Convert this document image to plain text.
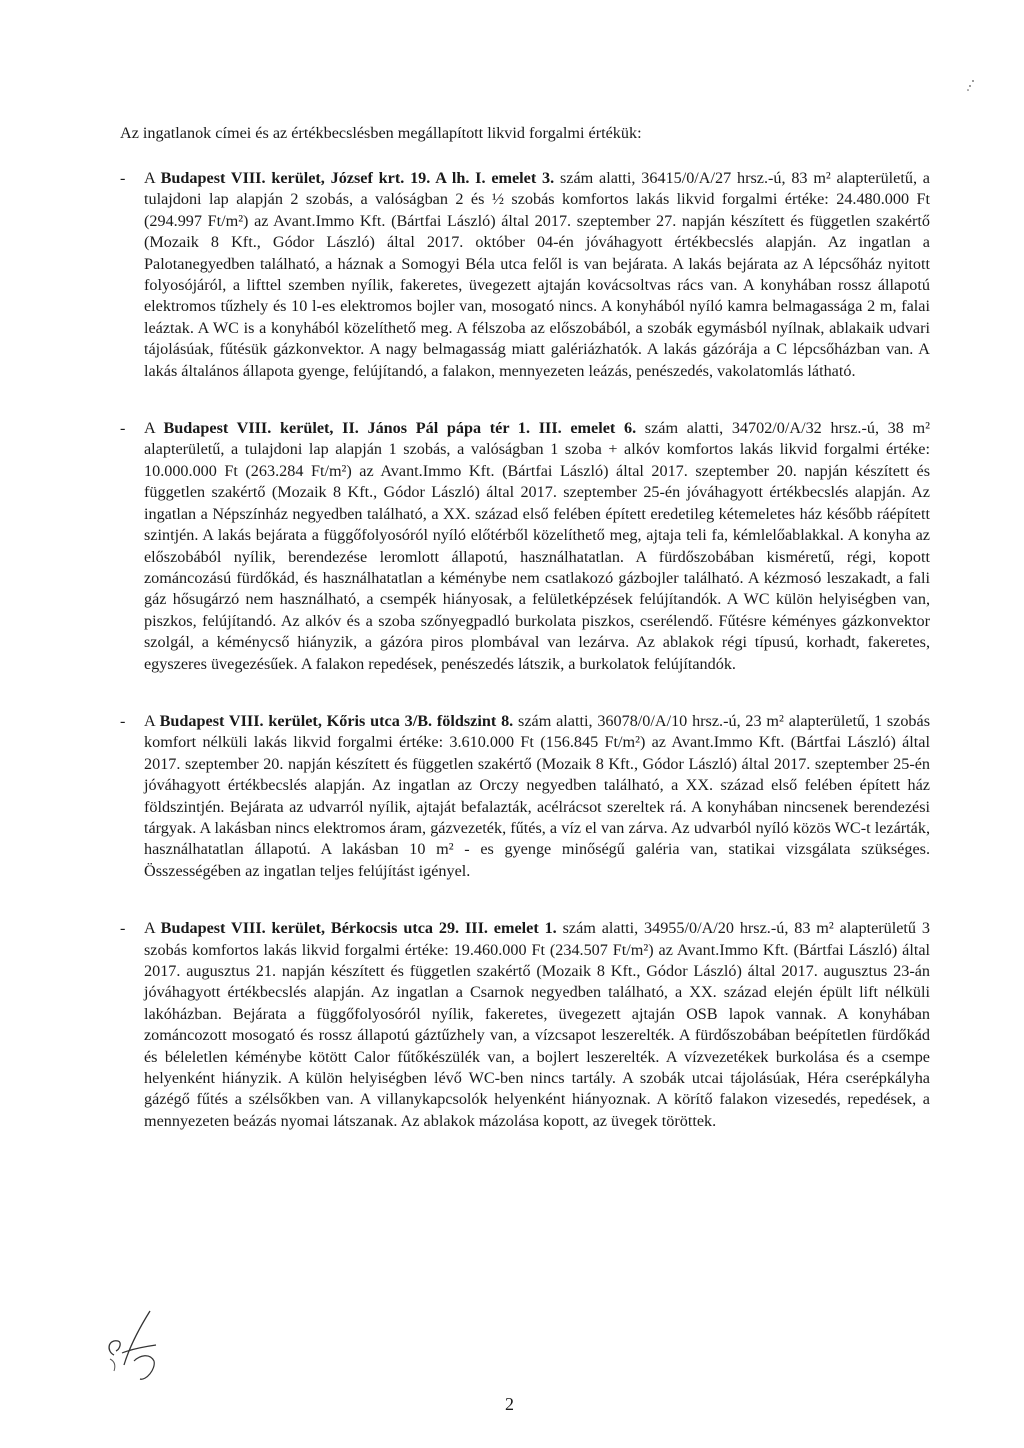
Az ingatlanok címei és az értékbecslésben megállapított likvid forgalmi értékük:

- A Budapest VIII. kerület, József krt. 19. A lh. I. emelet 3. szám alatti, 36415/0/A/27 hrsz.-ú, 83 m² alapterületű, a tulajdoni lap alapján 2 szobás, a valóságban 2 és ½ szobás komfortos lakás likvid forgalmi értéke: 24.480.000 Ft (294.997 Ft/m²) az Avant.Immo Kft. (Bártfai László) által 2017. szeptember 27. napján készített és független szakértő (Mozaik 8 Kft., Gódor László) által 2017. október 04-én jóváhagyott értékbecslés alapján. Az ingatlan a Palotanegyedben található, a háznak a Somogyi Béla utca felől is van bejárata. A lakás bejárata az A lépcsőház nyitott folyosójáról, a lifttel szemben nyílik, fakeretes, üvegezett ajtaján kovácsoltvas rács van. A konyhában rossz állapotú elektromos tűzhely és 10 l-es elektromos bojler van, mosogató nincs. A konyhából nyíló kamra belmagassága 2 m, falai leáztak. A WC is a konyhából közelíthető meg. A félszoba az előszobából, a szobák egymásból nyílnak, ablakaik udvari tájolásúak, fűtésük gázkonvektor. A nagy belmagasság miatt galériázhatók. A lakás gázórája a C lépcsőházban van. A lakás általános állapota gyenge, felújítandó, a falakon, mennyezeten leázás, penészedés, vakolatomlás látható.

- A Budapest VIII. kerület, II. János Pál pápa tér 1. III. emelet 6. szám alatti, 34702/0/A/32 hrsz.-ú, 38 m² alapterületű, a tulajdoni lap alapján 1 szobás, a valóságban 1 szoba + alkóv komfortos lakás likvid forgalmi értéke: 10.000.000 Ft (263.284 Ft/m²) az Avant.Immo Kft. (Bártfai László) által 2017. szeptember 20. napján készített és független szakértő (Mozaik 8 Kft., Gódor László) által 2017. szeptember 25-én jóváhagyott értékbecslés alapján. Az ingatlan a Népszínház negyedben található, a XX. század első felében épített eredetileg kétemeletes ház később ráépített szintjén. A lakás bejárata a függőfolyosóról nyíló előtérből közelíthető meg, ajtaja teli fa, kémlelőablakkal. A konyha az előszobából nyílik, berendezése leromlott állapotú, használhatatlan. A fürdőszobában kisméretű, régi, kopott zománcozású fürdőkád, és használhatatlan a kéménybe nem csatlakozó gázbojler található. A kézmosó leszakadt, a fali gáz hősugárzó nem használható, a csempék hiányosak, a felületképzések felújítandók. A WC külön helyiségben van, piszkos, felújítandó. Az alkóv és a szoba szőnyegpadló burkolata piszkos, cserélendő. Fűtésre kéményes gázkonvektor szolgál, a kéménycső hiányzik, a gázóra piros plombával van lezárva. Az ablakok régi típusú, korhadt, fakeretes, egyszeres üvegezésűek. A falakon repedések, penészedés látszik, a burkolatok felújítandók.

- A Budapest VIII. kerület, Kőris utca 3/B. földszint 8. szám alatti, 36078/0/A/10 hrsz.-ú, 23 m² alapterületű, 1 szobás komfort nélküli lakás likvid forgalmi értéke: 3.610.000 Ft (156.845 Ft/m²) az Avant.Immo Kft. (Bártfai László) által 2017. szeptember 20. napján készített és független szakértő (Mozaik 8 Kft., Gódor László) által 2017. szeptember 25-én jóváhagyott értékbecslés alapján. Az ingatlan az Orczy negyedben található, a XX. század első felében épített ház földszintjén. Bejárata az udvarról nyílik, ajtaját befalazták, acélrácsot szereltek rá. A konyhában nincsenek berendezési tárgyak. A lakásban nincs elektromos áram, gázvezeték, fűtés, a víz el van zárva. Az udvarból nyíló közös WC-t lezárták, használhatatlan állapotú. A lakásban 10 m² - es gyenge minőségű galéria van, statikai vizsgálata szükséges. Összességében az ingatlan teljes felújítást igényel.

- A Budapest VIII. kerület, Bérkocsis utca 29. III. emelet 1. szám alatti, 34955/0/A/20 hrsz.-ú, 83 m² alapterületű 3 szobás komfortos lakás likvid forgalmi értéke: 19.460.000 Ft (234.507 Ft/m²) az Avant.Immo Kft. (Bártfai László) által 2017. augusztus 21. napján készített és független szakértő (Mozaik 8 Kft., Gódor László) által 2017. augusztus 23-án jóváhagyott értékbecslés alapján. Az ingatlan a Csarnok negyedben található, a XX. század elején épült lift nélküli lakóházban. Bejárata a függőfolyosóról nyílik, fakeretes, üvegezett ajtaján OSB lapok vannak. A konyhában zománcozott mosogató és rossz állapotú gáztűzhely van, a vízcsapot leszerelték. A fürdőszobában beépítetlen fürdőkád és béleletlen kéménybe kötött Calor fűtőkészülék van, a bojlert leszerelték. A vízvezetékek burkolása és a csempe helyenként hiányzik. A külön helyiségben lévő WC-ben nincs tartály. A szobák utcai tájolásúak, Héra cserépkályha gázégő fűtés a szélsőkben van. A villanykapcsolók helyenként hiányoznak. A körítő falakon vizesedés, repedések, a mennyezeten beázás nyomai látszanak. Az ablakok mázolása kopott, az üvegek töröttek.

2
